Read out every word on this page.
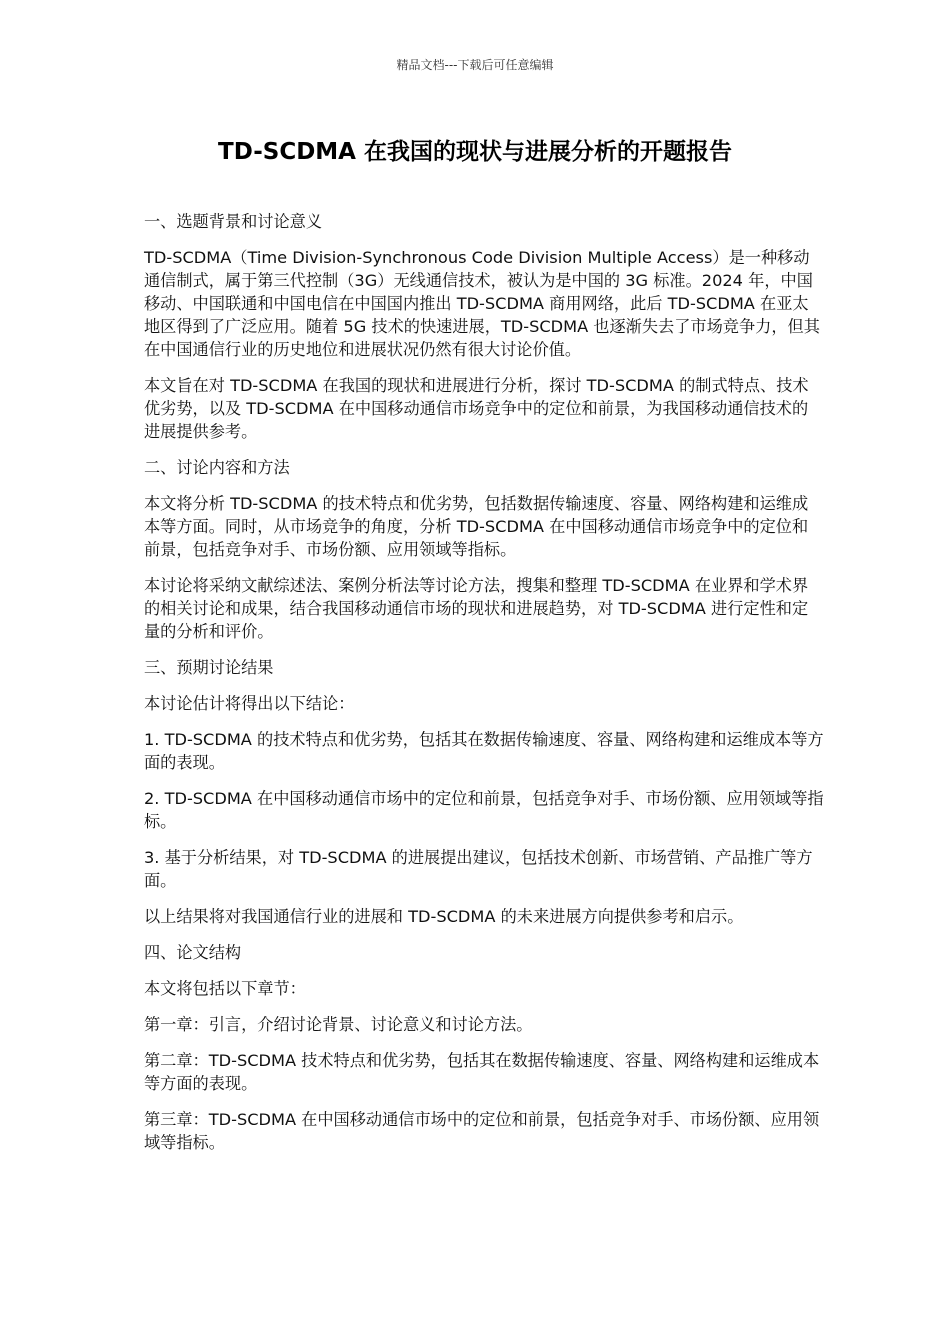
精品文档---下载后可任意编辑
TD-SCDMA 在我国的现状与进展分析的开题报告
一、选题背景和讨论意义

TD-SCDMA（Time Division-Synchronous Code Division Multiple Access）是一种移动通信制式，属于第三代控制（3G）无线通信技术，被认为是中国的 3G 标准。2024 年，中国移动、中国联通和中国电信在中国国内推出 TD-SCDMA 商用网络，此后 TD-SCDMA 在亚太地区得到了广泛应用。随着 5G 技术的快速进展，TD-SCDMA 也逐渐失去了市场竞争力，但其在中国通信行业的历史地位和进展状况仍然有很大讨论价值。

本文旨在对 TD-SCDMA 在我国的现状和进展进行分析，探讨 TD-SCDMA 的制式特点、技术优劣势，以及 TD-SCDMA 在中国移动通信市场竞争中的定位和前景，为我国移动通信技术的进展提供参考。

二、讨论内容和方法

本文将分析 TD-SCDMA 的技术特点和优劣势，包括数据传输速度、容量、网络构建和运维成本等方面。同时，从市场竞争的角度，分析 TD-SCDMA 在中国移动通信市场竞争中的定位和前景，包括竞争对手、市场份额、应用领域等指标。

本讨论将采纳文献综述法、案例分析法等讨论方法，搜集和整理 TD-SCDMA 在业界和学术界的相关讨论和成果，结合我国移动通信市场的现状和进展趋势，对 TD-SCDMA 进行定性和定量的分析和评价。

三、预期讨论结果

本讨论估计将得出以下结论：

1. TD-SCDMA 的技术特点和优劣势，包括其在数据传输速度、容量、网络构建和运维成本等方面的表现。

2. TD-SCDMA 在中国移动通信市场中的定位和前景，包括竞争对手、市场份额、应用领域等指标。

3. 基于分析结果，对 TD-SCDMA 的进展提出建议，包括技术创新、市场营销、产品推广等方面。

以上结果将对我国通信行业的进展和 TD-SCDMA 的未来进展方向提供参考和启示。

四、论文结构

本文将包括以下章节：

第一章：引言，介绍讨论背景、讨论意义和讨论方法。

第二章：TD-SCDMA 技术特点和优劣势，包括其在数据传输速度、容量、网络构建和运维成本等方面的表现。

第三章：TD-SCDMA 在中国移动通信市场中的定位和前景，包括竞争对手、市场份额、应用领域等指标。
